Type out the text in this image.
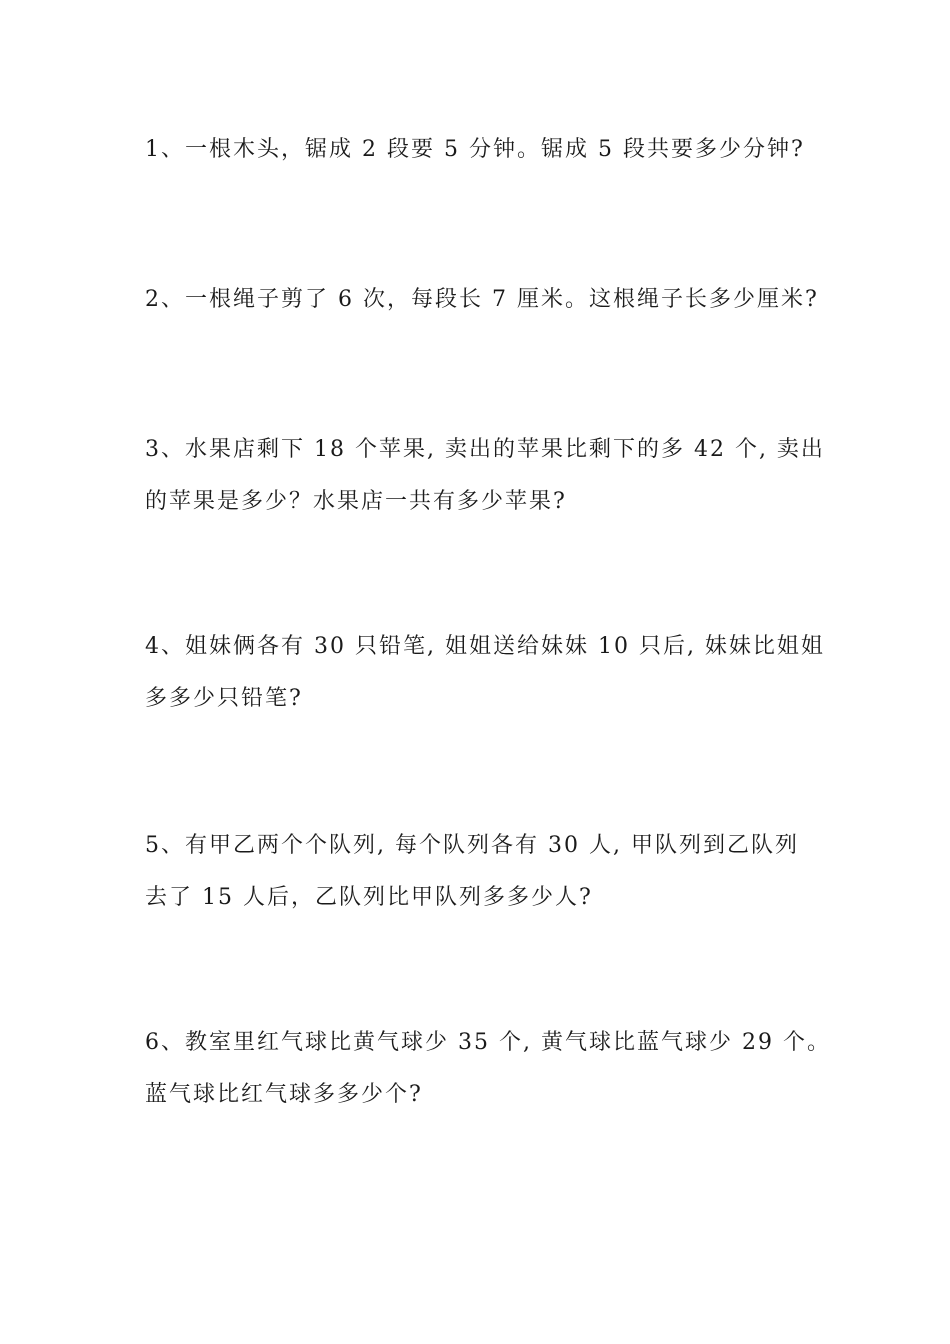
1、一根木头，锯成 2 段要 5 分钟。锯成 5 段共要多少分钟?
2、一根绳子剪了 6 次，每段长 7 厘米。这根绳子长多少厘米?
3、水果店剩下 18 个苹果, 卖出的苹果比剩下的多 42 个, 卖出
的苹果是多少？水果店一共有多少苹果?
4、姐妹俩各有 30 只铅笔, 姐姐送给妹妹 10 只后, 妹妹比姐姐
多多少只铅笔?
5、有甲乙两个个队列, 每个队列各有 30 人, 甲队列到乙队列
去了 15 人后，乙队列比甲队列多多少人?
6、教室里红气球比黄气球少 35 个, 黄气球比蓝气球少 29 个。
蓝气球比红气球多多少个?
